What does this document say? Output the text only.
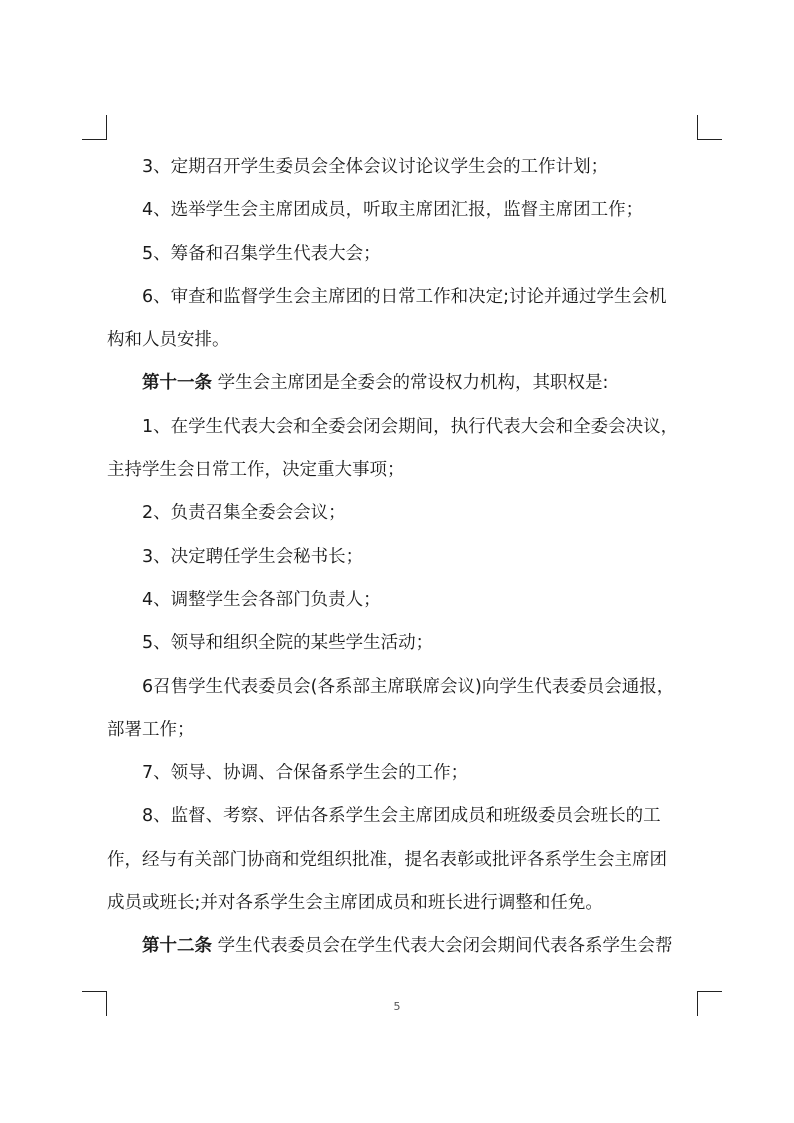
3、定期召开学生委员会全体会议讨论议学生会的工作计划；
4、选举学生会主席团成员，听取主席团汇报，监督主席团工作；
5、筹备和召集学生代表大会；
6、审查和监督学生会主席团的日常工作和决定;讨论并通过学生会机
构和人员安排。
第十一条 学生会主席团是全委会的常设权力机构，其职权是:
1、在学生代表大会和全委会闭会期间，执行代表大会和全委会决议，
主持学生会日常工作，决定重大事项；
2、负责召集全委会会议；
3、决定聘任学生会秘书长；
4、调整学生会各部门负责人；
5、领导和组织全院的某些学生活动；
6召售学生代表委员会(各系部主席联席会议)向学生代表委员会通报，
部署工作；
7、领导、协调、合保备系学生会的工作；
8、监督、考察、评估各系学生会主席团成员和班级委员会班长的工
作，经与有关部门协商和党组织批准，提名表彰或批评各系学生会主席团
成员或班长;并对各系学生会主席团成员和班长进行调整和任免。
第十二条 学生代表委员会在学生代表大会闭会期间代表各系学生会帮
5
